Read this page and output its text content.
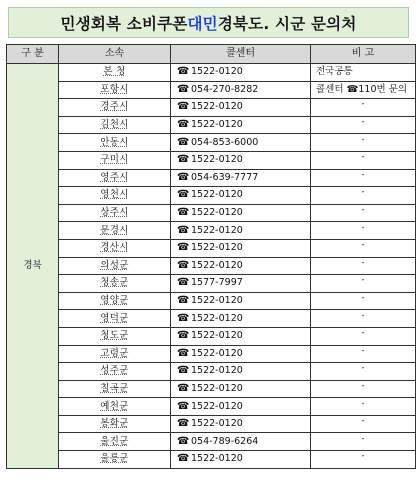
민생회복 소비쿠폰 대민 경북도. 시군 문의처
구 분	소속	콜센터	비 고
경북	본 청	☎ 1522-0120	전국공통
	포항시	☎ 054-270-8282	콜센터 ☎110번 문의
	경주시	☎ 1522-0120	″
	김천시	☎ 1522-0120	″
	안동시	☎ 054-853-6000	″
	구미시	☎ 1522-0120	″
	영주시	☎ 054-639-7777	″
	영천시	☎ 1522-0120	″
	상주시	☎ 1522-0120	″
	문경시	☎ 1522-0120	″
	경산시	☎ 1522-0120	″
	의성군	☎ 1522-0120	″
	청송군	☎ 1577-7997	″
	영양군	☎ 1522-0120	″
	영덕군	☎ 1522-0120	″
	청도군	☎ 1522-0120	″
	고령군	☎ 1522-0120	″
	성주군	☎ 1522-0120	″
	칠곡군	☎ 1522-0120	″
	예천군	☎ 1522-0120	″
	봉화군	☎ 1522-0120	″
	울진군	☎ 054-789-6264	″
	울릉군	☎ 1522-0120	″
